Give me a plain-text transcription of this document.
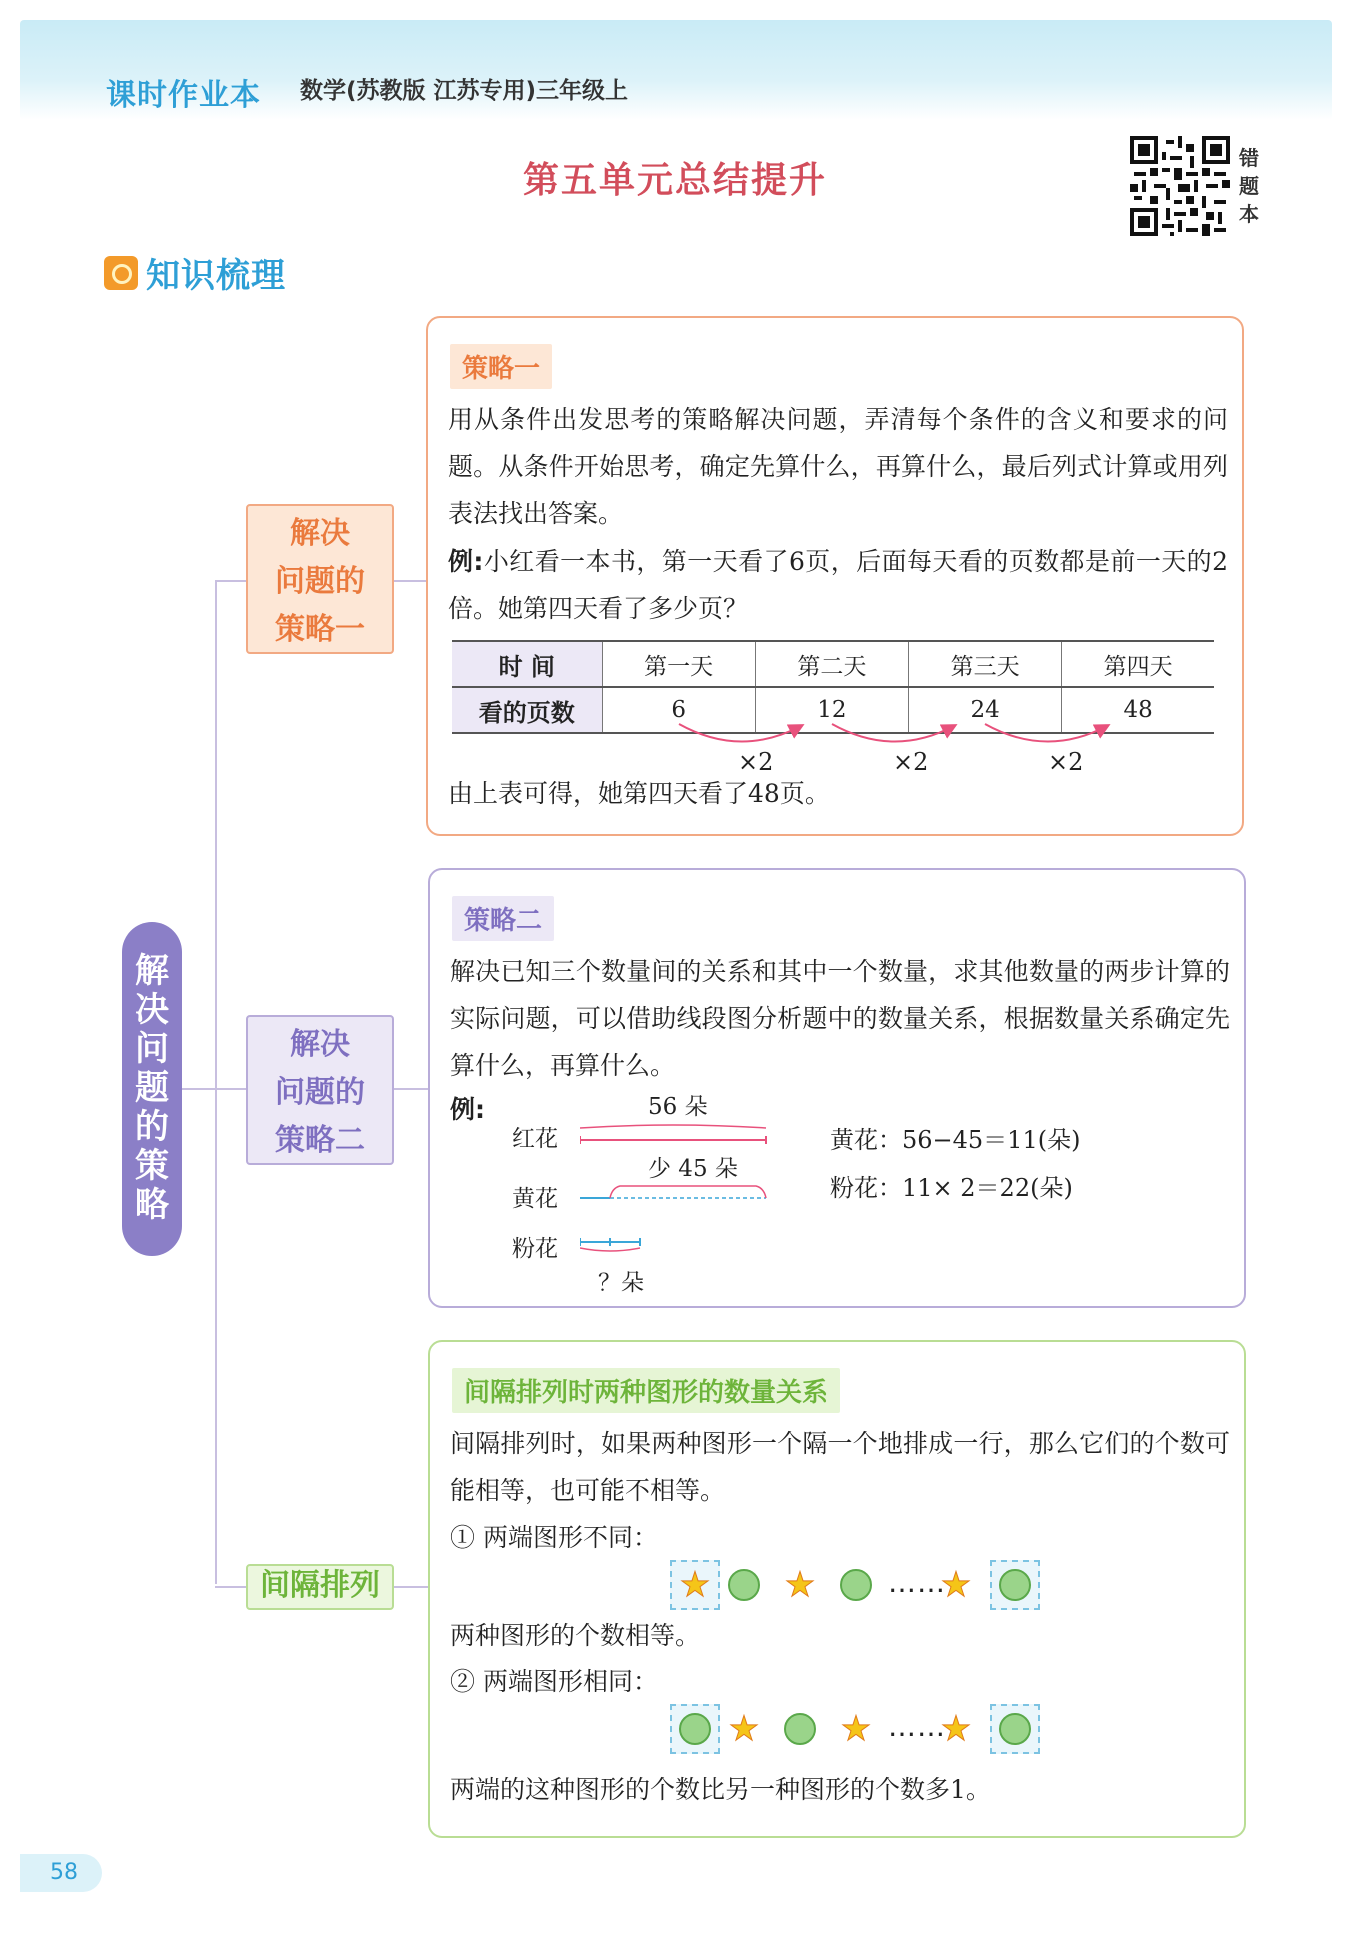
课时作业本 数学(苏教版 江苏专用)三年级上
第五单元总结提升
错
题
本
知识梳理
解决问题的策略
解决
问题的
策略一
解决
问题的
策略二
间隔排列
策略一
用从条件出发思考的策略解决问题，弄清每个条件的含义和要求的问题。从条件开始思考，确定先算什么，再算什么，最后列式计算或用列表法找出答案。
例:小红看一本书，第一天看了6页，后面每天看的页数都是前一天的2倍。她第四天看了多少页？
时 间	第一天	第二天	第三天	第四天
看的页数	6	12	24	48
×2	×2	×2
由上表可得，她第四天看了48页。
策略二
解决已知三个数量间的关系和其中一个数量，求其他数量的两步计算的实际问题，可以借助线段图分析题中的数量关系，根据数量关系确定先算什么，再算什么。
例:	56 朵
红花
少 45 朵
黄花
粉花
？朵
黄花：56−45＝11(朵)
粉花：11× 2＝22(朵)
间隔排列时两种图形的数量关系
间隔排列时，如果两种图形一个隔一个地排成一行，那么它们的个数可能相等，也可能不相等。
① 两端图形不同：
★ ★	……
★
两种图形的个数相等。
② 两端图形相同：
★ ★ ……
★
两端的这种图形的个数比另一种图形的个数多1。
58
